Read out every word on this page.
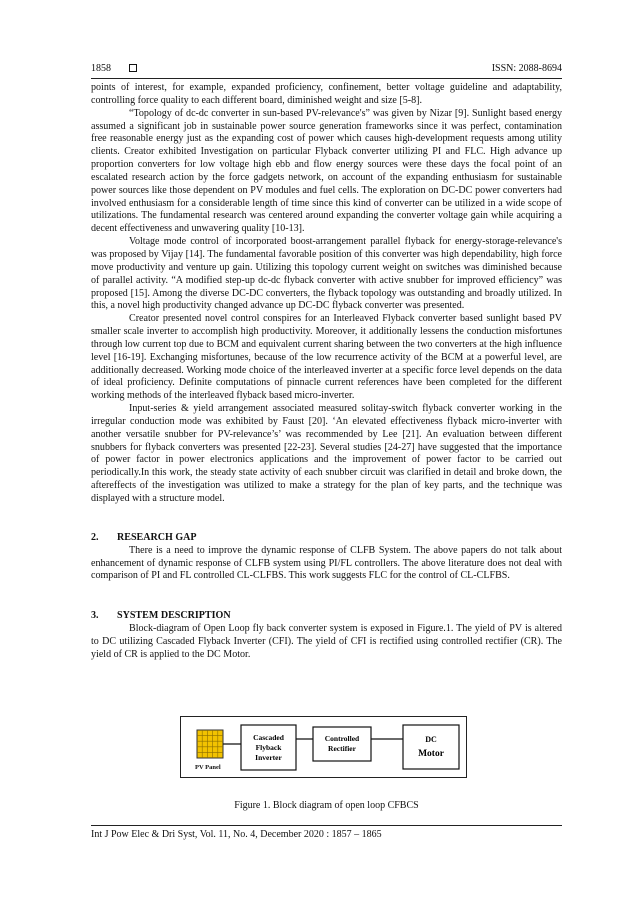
1858	ISSN: 2088-8694

points of interest, for example, expanded proficiency, confinement, better voltage guideline and adaptability, controlling force quality to each different board, diminished weight and size [5-8].

“Topology of dc-dc converter in sun-based PV-relevance's” was given by Nizar [9]. Sunlight based energy assumed a significant job in sustainable power source generation frameworks since it was perfect, contamination free reasonable energy just as the expanding cost of power which causes high-development requests among utility clients. Creator exhibited Investigation on particular Flyback converter utilizing PI and FLC. High advance up proportion converters for low voltage high ebb and flow energy sources were these days the focal point of an escalated research action by the force gadgets network, on account of the expanding enthusiasm for sustainable power sources like those dependent on PV modules and fuel cells. The exploration on DC-DC power converters had involved enthusiasm for a considerable length of time since this kind of converter can be utilized in a wide scope of utilizations. The fundamental research was centered around expanding the converter voltage gain while acquiring a decent effectiveness and unwavering quality [10-13].

Voltage mode control of incorporated boost-arrangement parallel flyback for energy-storage-relevance's was proposed by Vijay [14]. The fundamental favorable position of this converter was high dependability, high force move productivity and venture up gain. Utilizing this topology current weight on switches was diminished because of parallel activity. “A modified step-up dc-dc flyback converter with active snubber for improved efficiency” was proposed [15]. Among the diverse DC-DC converters, the flyback topology was outstanding and broadly utilized. In this, a novel high productivity changed advance up DC-DC flyback converter was presented.

Creator presented novel control conspires for an Interleaved Flyback converter based sunlight based PV smaller scale inverter to accomplish high productivity. Moreover, it additionally lessens the conduction misfortunes through low current top due to BCM and equivalent current sharing between the two converters at the high influence level [16-19]. Exchanging misfortunes, because of the low recurrence activity of the BCM at a powerful level, are additionally decreased. Working mode choice of the interleaved inverter at a specific force level depends on the data of ideal proficiency. Definite computations of pinnacle current references have been completed for the different working methods of the interleaved flyback based micro-inverter.

Input-series & yield arrangement associated measured solitay-switch flyback converter working in the irregular conduction mode was exhibited by Faust [20]. ‘An elevated effectiveness flyback micro-inverter with another versatile snubber for PV-relevance’s’ was recommended by Lee [21]. An evaluation between different snubbers for flyback converters was presented [22-23]. Several studies [24-27] have suggested that the importance of power factor in power electronics applications and the improvement of power factor to be carried out periodically.In this work, the steady state activity of each snubber circuit was clarified in detail and broke down, the aftereffects of the investigation was utilized to make a strategy for the plan of key parts, and the technique was displayed with a structure model.

2. RESEARCH GAP

There is a need to improve the dynamic response of CLFB System. The above papers do not talk about enhancement of dynamic response of CLFB system using PI/FL controllers. The above literature does not deal with comparison of PI and FL controlled CL-CLFBS. This work suggests FLC for the control of CL-CLFBS.

3. SYSTEM DESCRIPTION

Block-diagram of Open Loop fly back converter system is exposed in Figure.1. The yield of PV is altered to DC utilizing Cascaded Flyback Inverter (CFI). The yield of CFI is rectified using controlled rectifier (CR). The yield of CR is applied to the DC Motor.

PV Panel
Cascaded
Flyback
Inverter
Controlled
Rectifier
DC
Motor
Figure 1. Block diagram of open loop CFBCS
Int J Pow Elec & Dri Syst, Vol. 11, No. 4, December 2020 : 1857 – 1865
